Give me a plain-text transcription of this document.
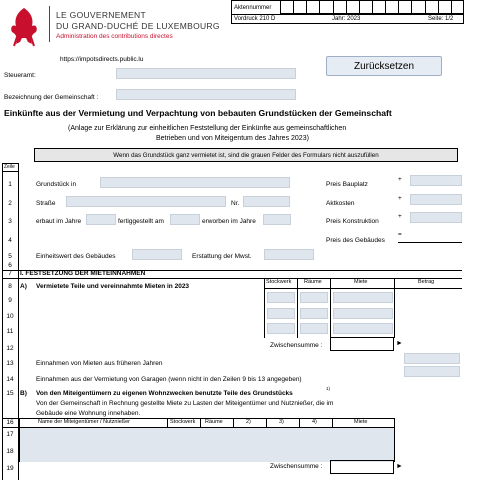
LE GOUVERNEMENT
DU GRAND-DUCHÉ DE LUXEMBOURG
Administration des contributions directes
Aktennummer
Vordruck 210 D	Jahr: 2023	Seite: 1/2
https://impotsdirects.public.lu
Zurücksetzen
Steueramt:
Bezeichnung der Gemeinschaft :
Einkünfte aus der Vermietung und Verpachtung von bebauten Grundstücken der Gemeinschaft
(Anlage zur Erklärung zur einheitlichen Feststellung der Einkünfte aus gemeinschaftlichen
Betrieben und von Miteigentum des Jahres 2023)
Wenn das Grundstück ganz vermietet ist, sind die grauen Felder des Formulars nicht auszufüllen
Zeile
1	Grundstück in	Preis Bauplatz
+
2	Straße	Nr.	Aktkosten
+
3	erbaut im Jahre	fertiggestellt am	erworben im Jahre	Preis Konstruktion
+
4	Preis des Gebäudes
=
5	Einheitswert des Gebäudes	Erstattung der Mwst.
6
7	I. FESTSETZUNG DER MIETEINNAHMEN
8	A) Vermietete Teile und vereinnahmte Mieten in 2023
Stockwerk Räume	Miete	Betrag
9
10
11
12	Zwischensumme :	►
13	Einnahmen von Mieten aus früheren Jahren
14	Einnahmen aus der Vermietung von Garagen (wenn nicht in den Zeilen 9 bis 13 angegeben)
15 B) Von den Miteigentümern zu eigenen Wohnzwecken benutzte Teile des Grundstücks
1)
Von der Gemeinschaft in Rechnung gestellte Miete zu Lasten der Miteigentümer und Nutznießer, die im
Gebäude eine Wohnung innehaben.
Name der Miteigentümer / Nutznießer	Stockwerk Räume	2)	3)	4)	Miete
16
17
18
19	Zwischensumme :	►
